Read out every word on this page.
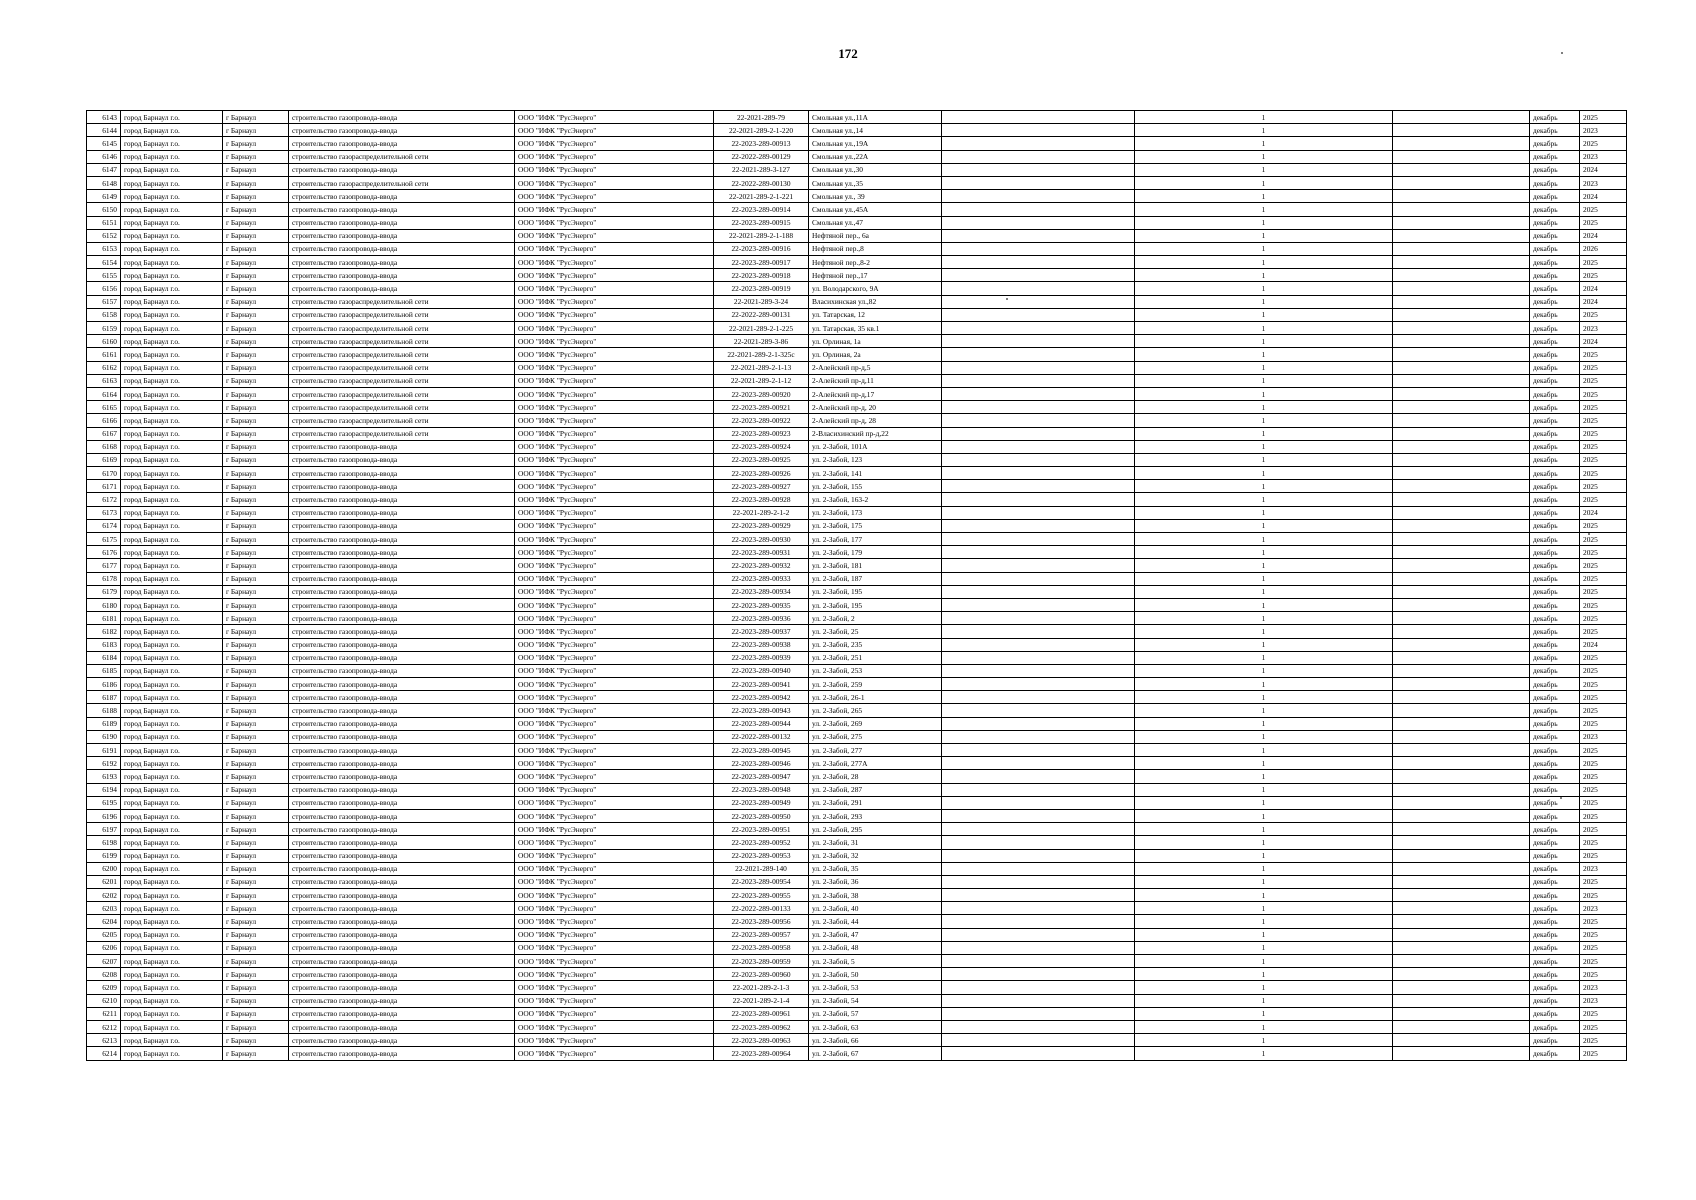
172
6143	город Барнаул г.о.	г Барнаул	строительство газопровода-ввода	ООО "ИФК "РусЭнерго"	22-2021-289-79	Смольная ул.,11А		1		декабрь	2025
6144	город Барнаул г.о.	г Барнаул	строительство газопровода-ввода	ООО "ИФК "РусЭнерго"	22-2021-289-2-1-220	Смольная ул.,14		1		декабрь	2023
6145	город Барнаул г.о.	г Барнаул	строительство газопровода-ввода	ООО "ИФК "РусЭнерго"	22-2023-289-00913	Смольная ул.,19А		1		декабрь	2025
6146	город Барнаул г.о.	г Барнаул	строительство газораспределительной сети	ООО "ИФК "РусЭнерго"	22-2022-289-00129	Смольная ул.,22А		1		декабрь	2023
6147	город Барнаул г.о.	г Барнаул	строительство газопровода-ввода	ООО "ИФК "РусЭнерго"	22-2021-289-3-127	Смольная ул.,30		1		декабрь	2024
6148	город Барнаул г.о.	г Барнаул	строительство газораспределительной сети	ООО "ИФК "РусЭнерго"	22-2022-289-00130	Смольная ул.,35		1		декабрь	2023
6149	город Барнаул г.о.	г Барнаул	строительство газопровода-ввода	ООО "ИФК "РусЭнерго"	22-2021-289-2-1-221	Смольная ул., 39		1		декабрь	2024
6150	город Барнаул г.о.	г Барнаул	строительство газопровода-ввода	ООО "ИФК "РусЭнерго"	22-2023-289-00914	Смольная ул.,45А		1		декабрь	2025
6151	город Барнаул г.о.	г Барнаул	строительство газопровода-ввода	ООО "ИФК "РусЭнерго"	22-2023-289-00915	Смольная ул.,47		1		декабрь	2025
6152	город Барнаул г.о.	г Барнаул	строительство газопровода-ввода	ООО "ИФК "РусЭнерго"	22-2021-289-2-1-188	Нефтяной пер., 6а		1		декабрь	2024
6153	город Барнаул г.о.	г Барнаул	строительство газопровода-ввода	ООО "ИФК "РусЭнерго"	22-2023-289-00916	Нефтяной пер.,8		1		декабрь	2026
6154	город Барнаул г.о.	г Барнаул	строительство газопровода-ввода	ООО "ИФК "РусЭнерго"	22-2023-289-00917	Нефтяной пер.,8-2		1		декабрь	2025
6155	город Барнаул г.о.	г Барнаул	строительство газопровода-ввода	ООО "ИФК "РусЭнерго"	22-2023-289-00918	Нефтяной пер.,17		1		декабрь	2025
6156	город Барнаул г.о.	г Барнаул	строительство газопровода-ввода	ООО "ИФК "РусЭнерго"	22-2023-289-00919	ул. Володарского, 9А		1		декабрь	2024
6157	город Барнаул г.о.	г Барнаул	строительство газораспределительной сети	ООО "ИФК "РусЭнерго"	22-2021-289-3-24	Власихинская ул.,82		1		декабрь	2024
6158	город Барнаул г.о.	г Барнаул	строительство газораспределительной сети	ООО "ИФК "РусЭнерго"	22-2022-289-00131	ул. Татарская, 12		1		декабрь	2025
6159	город Барнаул г.о.	г Барнаул	строительство газораспределительной сети	ООО "ИФК "РусЭнерго"	22-2021-289-2-1-225	ул. Татарская, 35 кв.1		1		декабрь	2023
6160	город Барнаул г.о.	г Барнаул	строительство газораспределительной сети	ООО "ИФК "РусЭнерго"	22-2021-289-3-86	ул. Орлиная, 1а		1		декабрь	2024
6161	город Барнаул г.о.	г Барнаул	строительство газораспределительной сети	ООО "ИФК "РусЭнерго"	22-2021-289-2-1-325с	ул. Орлиная, 2а		1		декабрь	2025
6162	город Барнаул г.о.	г Барнаул	строительство газораспределительной сети	ООО "ИФК "РусЭнерго"	22-2021-289-2-1-13	2-Алейский пр-д,5		1		декабрь	2025
6163	город Барнаул г.о.	г Барнаул	строительство газораспределительной сети	ООО "ИФК "РусЭнерго"	22-2021-289-2-1-12	2-Алейский пр-д,11		1		декабрь	2025
6164	город Барнаул г.о.	г Барнаул	строительство газораспределительной сети	ООО "ИФК "РусЭнерго"	22-2023-289-00920	2-Алейский пр-д,17		1		декабрь	2025
6165	город Барнаул г.о.	г Барнаул	строительство газораспределительной сети	ООО "ИФК "РусЭнерго"	22-2023-289-00921	2-Алейский пр-д, 20		1		декабрь	2025
6166	город Барнаул г.о.	г Барнаул	строительство газораспределительной сети	ООО "ИФК "РусЭнерго"	22-2023-289-00922	2-Алейский пр-д, 28		1		декабрь	2025
6167	город Барнаул г.о.	г Барнаул	строительство газораспределительной сети	ООО "ИФК "РусЭнерго"	22-2023-289-00923	2-Власихинский пр-д,22		1		декабрь	2025
6168	город Барнаул г.о.	г Барнаул	строительство газопровода-ввода	ООО "ИФК "РусЭнерго"	22-2023-289-00924	ул. 2-Забой, 101А		1		декабрь	2025
6169	город Барнаул г.о.	г Барнаул	строительство газопровода-ввода	ООО "ИФК "РусЭнерго"	22-2023-289-00925	ул. 2-Забой, 123		1		декабрь	2025
6170	город Барнаул г.о.	г Барнаул	строительство газопровода-ввода	ООО "ИФК "РусЭнерго"	22-2023-289-00926	ул. 2-Забой, 141		1		декабрь	2025
6171	город Барнаул г.о.	г Барнаул	строительство газопровода-ввода	ООО "ИФК "РусЭнерго"	22-2023-289-00927	ул. 2-Забой, 155		1		декабрь	2025
6172	город Барнаул г.о.	г Барнаул	строительство газопровода-ввода	ООО "ИФК "РусЭнерго"	22-2023-289-00928	ул. 2-Забой, 163-2		1		декабрь	2025
6173	город Барнаул г.о.	г Барнаул	строительство газопровода-ввода	ООО "ИФК "РусЭнерго"	22-2021-289-2-1-2	ул. 2-Забой, 173		1		декабрь	2024
6174	город Барнаул г.о.	г Барнаул	строительство газопровода-ввода	ООО "ИФК "РусЭнерго"	22-2023-289-00929	ул. 2-Забой, 175		1		декабрь	2025
6175	город Барнаул г.о.	г Барнаул	строительство газопровода-ввода	ООО "ИФК "РусЭнерго"	22-2023-289-00930	ул. 2-Забой, 177		1		декабрь	2025
6176	город Барнаул г.о.	г Барнаул	строительство газопровода-ввода	ООО "ИФК "РусЭнерго"	22-2023-289-00931	ул. 2-Забой, 179		1		декабрь	2025
6177	город Барнаул г.о.	г Барнаул	строительство газопровода-ввода	ООО "ИФК "РусЭнерго"	22-2023-289-00932	ул. 2-Забой, 181		1		декабрь	2025
6178	город Барнаул г.о.	г Барнаул	строительство газопровода-ввода	ООО "ИФК "РусЭнерго"	22-2023-289-00933	ул. 2-Забой, 187		1		декабрь	2025
6179	город Барнаул г.о.	г Барнаул	строительство газопровода-ввода	ООО "ИФК "РусЭнерго"	22-2023-289-00934	ул. 2-Забой, 195		1		декабрь	2025
6180	город Барнаул г.о.	г Барнаул	строительство газопровода-ввода	ООО "ИФК "РусЭнерго"	22-2023-289-00935	ул. 2-Забой, 195		1		декабрь	2025
6181	город Барнаул г.о.	г Барнаул	строительство газопровода-ввода	ООО "ИФК "РусЭнерго"	22-2023-289-00936	ул. 2-Забой, 2		1		декабрь	2025
6182	город Барнаул г.о.	г Барнаул	строительство газопровода-ввода	ООО "ИФК "РусЭнерго"	22-2023-289-00937	ул. 2-Забой, 25		1		декабрь	2025
6183	город Барнаул г.о.	г Барнаул	строительство газопровода-ввода	ООО "ИФК "РусЭнерго"	22-2023-289-00938	ул. 2-Забой, 235		1		декабрь	2024
6184	город Барнаул г.о.	г Барнаул	строительство газопровода-ввода	ООО "ИФК "РусЭнерго"	22-2023-289-00939	ул. 2-Забой, 251		1		декабрь	2025
6185	город Барнаул г.о.	г Барнаул	строительство газопровода-ввода	ООО "ИФК "РусЭнерго"	22-2023-289-00940	ул. 2-Забой, 253		1		декабрь	2025
6186	город Барнаул г.о.	г Барнаул	строительство газопровода-ввода	ООО "ИФК "РусЭнерго"	22-2023-289-00941	ул. 2-Забой, 259		1		декабрь	2025
6187	город Барнаул г.о.	г Барнаул	строительство газопровода-ввода	ООО "ИФК "РусЭнерго"	22-2023-289-00942	ул. 2-Забой, 26-1		1		декабрь	2025
6188	город Барнаул г.о.	г Барнаул	строительство газопровода-ввода	ООО "ИФК "РусЭнерго"	22-2023-289-00943	ул. 2-Забой, 265		1		декабрь	2025
6189	город Барнаул г.о.	г Барнаул	строительство газопровода-ввода	ООО "ИФК "РусЭнерго"	22-2023-289-00944	ул. 2-Забой, 269		1		декабрь	2025
6190	город Барнаул г.о.	г Барнаул	строительство газопровода-ввода	ООО "ИФК "РусЭнерго"	22-2022-289-00132	ул. 2-Забой, 275		1		декабрь	2023
6191	город Барнаул г.о.	г Барнаул	строительство газопровода-ввода	ООО "ИФК "РусЭнерго"	22-2023-289-00945	ул. 2-Забой, 277		1		декабрь	2025
6192	город Барнаул г.о.	г Барнаул	строительство газопровода-ввода	ООО "ИФК "РусЭнерго"	22-2023-289-00946	ул. 2-Забой, 277А		1		декабрь	2025
6193	город Барнаул г.о.	г Барнаул	строительство газопровода-ввода	ООО "ИФК "РусЭнерго"	22-2023-289-00947	ул. 2-Забой, 28		1		декабрь	2025
6194	город Барнаул г.о.	г Барнаул	строительство газопровода-ввода	ООО "ИФК "РусЭнерго"	22-2023-289-00948	ул. 2-Забой, 287		1		декабрь	2025
6195	город Барнаул г.о.	г Барнаул	строительство газопровода-ввода	ООО "ИФК "РусЭнерго"	22-2023-289-00949	ул. 2-Забой, 291		1		декабрь	2025
6196	город Барнаул г.о.	г Барнаул	строительство газопровода-ввода	ООО "ИФК "РусЭнерго"	22-2023-289-00950	ул. 2-Забой, 293		1		декабрь	2025
6197	город Барнаул г.о.	г Барнаул	строительство газопровода-ввода	ООО "ИФК "РусЭнерго"	22-2023-289-00951	ул. 2-Забой, 295		1		декабрь	2025
6198	город Барнаул г.о.	г Барнаул	строительство газопровода-ввода	ООО "ИФК "РусЭнерго"	22-2023-289-00952	ул. 2-Забой, 31		1		декабрь	2025
6199	город Барнаул г.о.	г Барнаул	строительство газопровода-ввода	ООО "ИФК "РусЭнерго"	22-2023-289-00953	ул. 2-Забой, 32		1		декабрь	2025
6200	город Барнаул г.о.	г Барнаул	строительство газопровода-ввода	ООО "ИФК "РусЭнерго"	22-2021-289-140	ул. 2-Забой, 35		1		декабрь	2023
6201	город Барнаул г.о.	г Барнаул	строительство газопровода-ввода	ООО "ИФК "РусЭнерго"	22-2023-289-00954	ул. 2-Забой, 36		1		декабрь	2025
6202	город Барнаул г.о.	г Барнаул	строительство газопровода-ввода	ООО "ИФК "РусЭнерго"	22-2023-289-00955	ул. 2-Забой, 38		1		декабрь	2025
6203	город Барнаул г.о.	г Барнаул	строительство газопровода-ввода	ООО "ИФК "РусЭнерго"	22-2022-289-00133	ул. 2-Забой, 40		1		декабрь	2023
6204	город Барнаул г.о.	г Барнаул	строительство газопровода-ввода	ООО "ИФК "РусЭнерго"	22-2023-289-00956	ул. 2-Забой, 44		1		декабрь	2025
6205	город Барнаул г.о.	г Барнаул	строительство газопровода-ввода	ООО "ИФК "РусЭнерго"	22-2023-289-00957	ул. 2-Забой, 47		1		декабрь	2025
6206	город Барнаул г.о.	г Барнаул	строительство газопровода-ввода	ООО "ИФК "РусЭнерго"	22-2023-289-00958	ул. 2-Забой, 48		1		декабрь	2025
6207	город Барнаул г.о.	г Барнаул	строительство газопровода-ввода	ООО "ИФК "РусЭнерго"	22-2023-289-00959	ул. 2-Забой, 5		1		декабрь	2025
6208	город Барнаул г.о.	г Барнаул	строительство газопровода-ввода	ООО "ИФК "РусЭнерго"	22-2023-289-00960	ул. 2-Забой, 50		1		декабрь	2025
6209	город Барнаул г.о.	г Барнаул	строительство газопровода-ввода	ООО "ИФК "РусЭнерго"	22-2021-289-2-1-3	ул. 2-Забой, 53		1		декабрь	2023
6210	город Барнаул г.о.	г Барнаул	строительство газопровода-ввода	ООО "ИФК "РусЭнерго"	22-2021-289-2-1-4	ул. 2-Забой, 54		1		декабрь	2023
6211	город Барнаул г.о.	г Барнаул	строительство газопровода-ввода	ООО "ИФК "РусЭнерго"	22-2023-289-00961	ул. 2-Забой, 57		1		декабрь	2025
6212	город Барнаул г.о.	г Барнаул	строительство газопровода-ввода	ООО "ИФК "РусЭнерго"	22-2023-289-00962	ул. 2-Забой, 63		1		декабрь	2025
6213	город Барнаул г.о.	г Барнаул	строительство газопровода-ввода	ООО "ИФК "РусЭнерго"	22-2023-289-00963	ул. 2-Забой, 66		1		декабрь	2025
6214	город Барнаул г.о.	г Барнаул	строительство газопровода-ввода	ООО "ИФК "РусЭнерго"	22-2023-289-00964	ул. 2-Забой, 67		1		декабрь	2025
